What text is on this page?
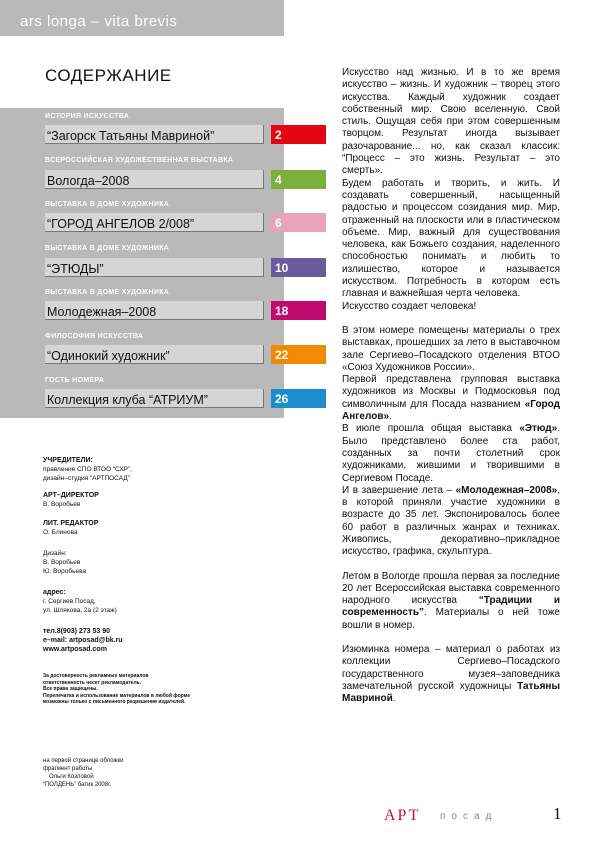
ars longa – vita brevis
СОДЕРЖАНИЕ
ИСТОРИЯ ИСКУССТВА
“Загорск Татьяны Мавриной”	2
ВСЕРОССИЙСКАЯ ХУДОЖЕСТВЕННАЯ ВЫСТАВКА
Вологда–2008	4
ВЫСТАВКА В ДОМЕ ХУДОЖНИКА
“ГОРОД АНГЕЛОВ 2/008”	6
ВЫСТАВКА В ДОМЕ ХУДОЖНИКА
“ЭТЮДЫ”	10
ВЫСТАВКА В ДОМЕ ХУДОЖНИКА
Молодежная–2008	18
ФИЛОСОФИЯ ИСКУССТВА
“Одинокий художник”	22
ГОСТЬ НОМЕРА
Коллекция клуба “АТРИУМ”	26
УЧРЕДИТЕЛИ:
правление СПО ВТОО “СХР”,
дизайн–студия “АРТПОСАД”
АРТ–ДИРЕКТОР
В. Воробьев
ЛИТ. РЕДАКТОР
О. Блинова
Дизайн:
В. Воробьев
Ю. Воробьева
адрес:
г. Сергиев Посад,
ул. Шлякова, 2а (2 этаж)
тел.8(903) 273 53 90
e–mail: artposad@bk.ru
www.artposad.com
За достоверность рекламных материалов
ответственность несет рекламодатель.
Все права защищены.
Перепечатка и использование материалов в любой форме
возможны только с письменного разрешения издателей.
на первой странице обложки
фрагмент работы
Ольги Козловой
“ПОЛДЕНЬ” батик 2008г.

Искусство над жизнью. И в то же время искусство – жизнь. И художник – творец этого искусства. Каждый художник создает собственный мир. Свою вселенную. Свой стиль. Ощущая себя при этом совершенным творцом. Результат иногда вызывает разочарование... но, как сказал классик: “Процесс – это жизнь. Результат – это смерть».

Будем работать и творить, и жить. И создавать совершенный, насыщенный радостью и процессом созидания мир. Мир, отраженный на плоскости или в пластическом объеме. Мир, важный для существования человека, как Божьего создания, наделенного способностью понимать и любить то излишество, которое и называется искусством. Потребность в котором есть главная и важнейшая черта человека.

Искусство создает человека!

В этом номере помещены материалы о трех выставках, прошедших за лето в выставочном зале Сергиево–Посадского отделения ВТОО «Союз Художников России».

Первой представлена групповая выставка художников из Москвы и Подмосковья под символичным для Посада названием «Город Ангелов».

В июле прошла общая выставка «Этюд». Было представлено более ста работ, созданных за почти столетний срок художниками, жившими и творившими в Сергиевом Посаде.

И в завершение лета – «Молодежная–2008», в которой приняли участие художники в возрасте до 35 лет. Экспонировалось более 60 работ в различных жанрах и техниках. Живопись, декоративно–прикладное искусство, графика, скульптура.

Летом в Вологде прошла первая за последние 20 лет Всероссийская выставка современного народного искусства “Традиции и современность”. Материалы о ней тоже вошли в номер.

Изюминка номера – материал о работах из коллекции Сергиево–Посадского государственного музея–заповедника замечательной русской художницы Татьяны Мавриной.

АРТ посад	1
